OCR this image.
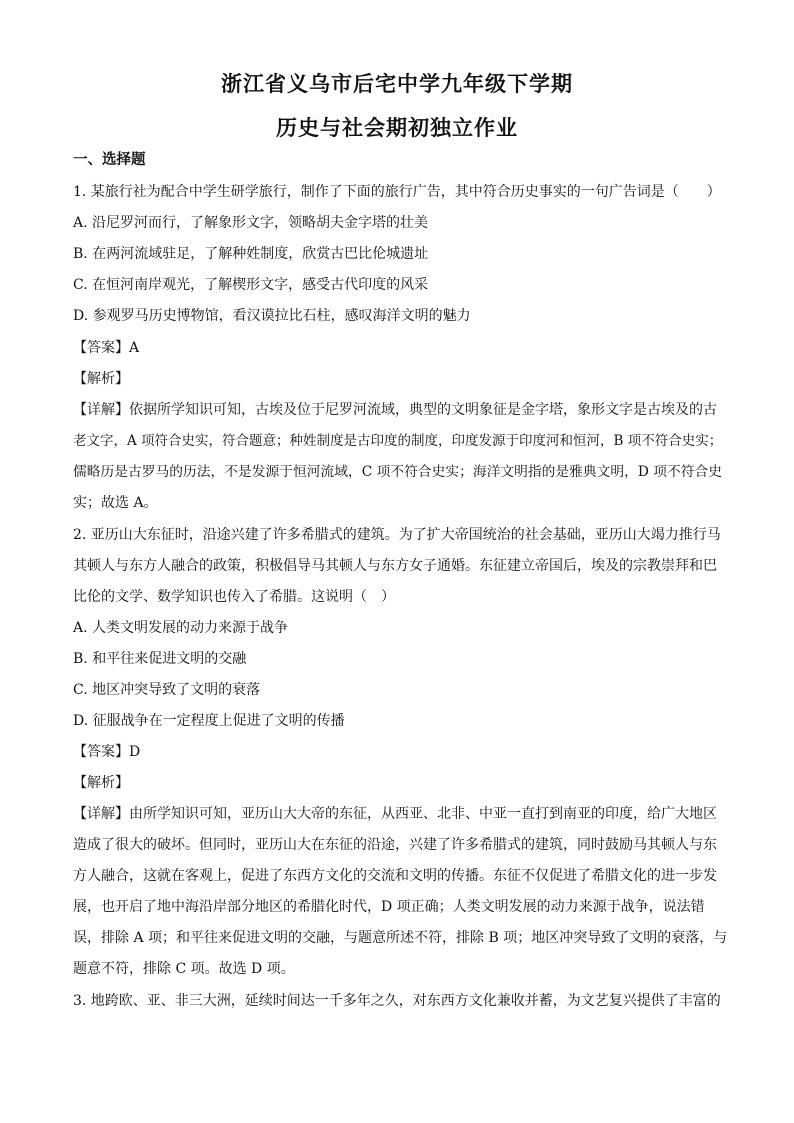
浙江省义乌市后宅中学九年级下学期
历史与社会期初独立作业
一、选择题
1. 某旅行社为配合中学生研学旅行，制作了下面的旅行广告，其中符合历史事实的一句广告词是（　　）
A. 沿尼罗河而行，了解象形文字，领略胡夫金字塔的壮美
B. 在两河流域驻足，了解种姓制度，欣赏古巴比伦城遗址
C. 在恒河南岸观光，了解楔形文字，感受古代印度的风采
D. 参观罗马历史博物馆，看汉谟拉比石柱，感叹海洋文明的魅力
【答案】A
【解析】
【详解】依据所学知识可知，古埃及位于尼罗河流域，典型的文明象征是金字塔，象形文字是古埃及的古
老文字，A 项符合史实，符合题意；种姓制度是古印度的制度，印度发源于印度河和恒河，B 项不符合史实；
儒略历是古罗马的历法，不是发源于恒河流域，C 项不符合史实；海洋文明指的是雅典文明，D 项不符合史
实；故选 A。
2. 亚历山大东征时，沿途兴建了许多希腊式的建筑。为了扩大帝国统治的社会基础，亚历山大竭力推行马
其顿人与东方人融合的政策，积极倡导马其顿人与东方女子通婚。东征建立帝国后，埃及的宗教崇拜和巴
比伦的文学、数学知识也传入了希腊。这说明（　）
A. 人类文明发展的动力来源于战争
B. 和平往来促进文明的交融
C. 地区冲突导致了文明的衰落
D. 征服战争在一定程度上促进了文明的传播
【答案】D
【解析】
【详解】由所学知识可知，亚历山大大帝的东征，从西亚、北非、中亚一直打到南亚的印度，给广大地区
造成了很大的破坏。但同时，亚历山大在东征的沿途，兴建了许多希腊式的建筑，同时鼓励马其顿人与东
方人融合，这就在客观上，促进了东西方文化的交流和文明的传播。东征不仅促进了希腊文化的进一步发
展，也开启了地中海沿岸部分地区的希腊化时代，D 项正确；人类文明发展的动力来源于战争，说法错
误，排除 A 项；和平往来促进文明的交融，与题意所述不符，排除 B 项；地区冲突导致了文明的衰落，与
题意不符，排除 C 项。故选 D 项。
3. 地跨欧、亚、非三大洲，延续时间达一千多年之久，对东西方文化兼收并蓄，为文艺复兴提供了丰富的
